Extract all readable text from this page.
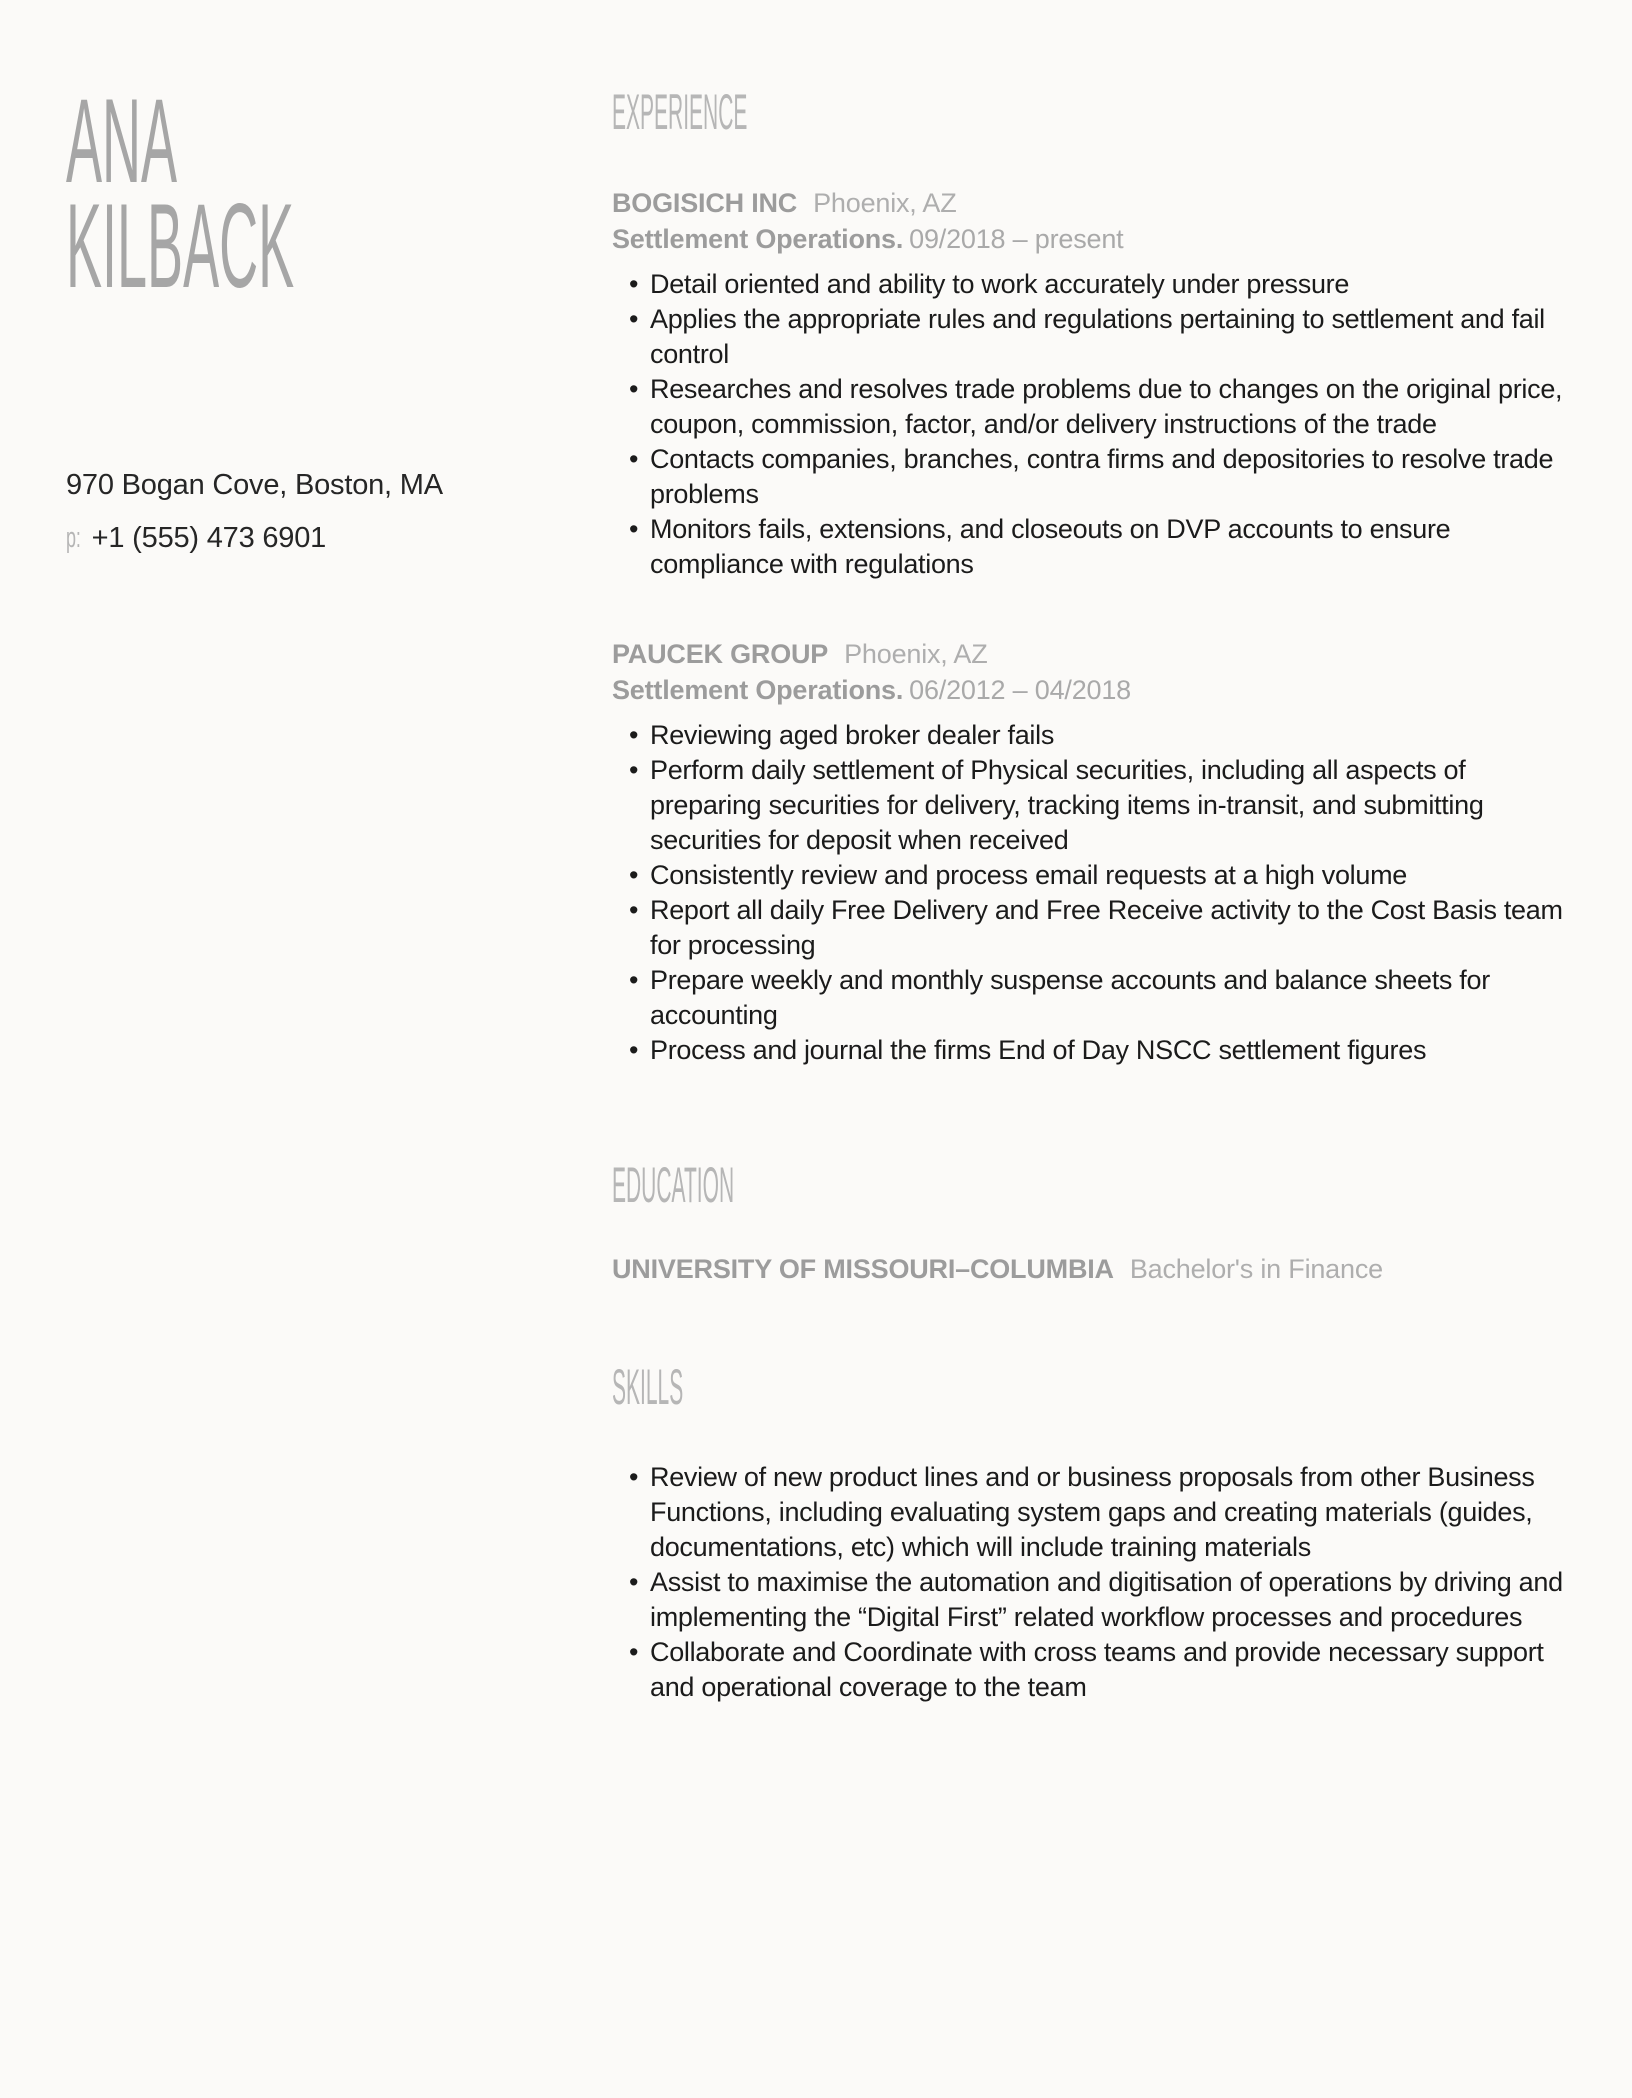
ANA
KILBACK
970 Bogan Cove, Boston, MA
p: +1 (555) 473 6901
EXPERIENCE
BOGISICH INC Phoenix, AZ
Settlement Operations. 09/2018 – present
• Detail oriented and ability to work accurately under pressure
• Applies the appropriate rules and regulations pertaining to settlement and fail control
• Researches and resolves trade problems due to changes on the original price, coupon, commission, factor, and/or delivery instructions of the trade
• Contacts companies, branches, contra firms and depositories to resolve trade problems
• Monitors fails, extensions, and closeouts on DVP accounts to ensure compliance with regulations
PAUCEK GROUP Phoenix, AZ
Settlement Operations. 06/2012 – 04/2018
• Reviewing aged broker dealer fails
• Perform daily settlement of Physical securities, including all aspects of preparing securities for delivery, tracking items in-transit, and submitting securities for deposit when received
• Consistently review and process email requests at a high volume
• Report all daily Free Delivery and Free Receive activity to the Cost Basis team for processing
• Prepare weekly and monthly suspense accounts and balance sheets for accounting
• Process and journal the firms End of Day NSCC settlement figures
EDUCATION
UNIVERSITY OF MISSOURI–COLUMBIA Bachelor's in Finance
SKILLS
• Review of new product lines and or business proposals from other Business Functions, including evaluating system gaps and creating materials (guides, documentations, etc) which will include training materials
• Assist to maximise the automation and digitisation of operations by driving and implementing the “Digital First” related workflow processes and procedures
• Collaborate and Coordinate with cross teams and provide necessary support and operational coverage to the team
